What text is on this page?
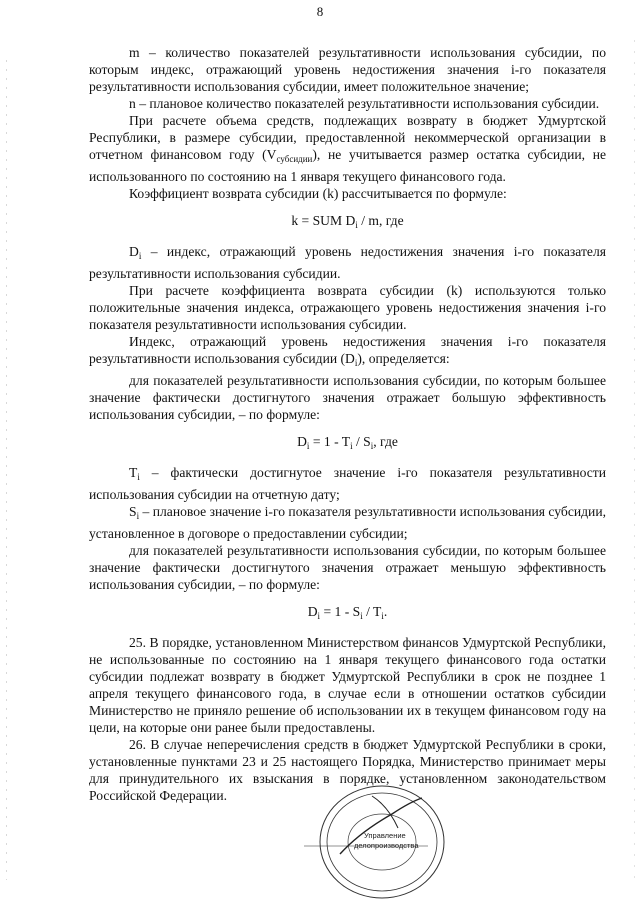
8

m – количество показателей результативности использования субсидии, по которым индекс, отражающий уровень недостижения значения i-го показателя результативности использования субсидии, имеет положительное значение;

n – плановое количество показателей результативности использования субсидии.

При расчете объема средств, подлежащих возврату в бюджет Удмуртской Республики, в размере субсидии, предоставленной некоммерческой организации в отчетном финансовом году $(V_{субсидии})$, не учитывается размер остатка субсидии, не использованного по состоянию на 1 января текущего финансового года.

Коэффициент возврата субсидии (k) рассчитывается по формуле:

k = SUM $D_i$ / m, где

$D_i$ – индекс, отражающий уровень недостижения значения i-го показателя результативности использования субсидии.

При расчете коэффициента возврата субсидии (k) используются только положительные значения индекса, отражающего уровень недостижения значения i-го показателя результативности использования субсидии.

Индекс, отражающий уровень недостижения значения i-го показателя результативности использования субсидии $(D_i)$, определяется:

для показателей результативности использования субсидии, по которым большее значение фактически достигнутого значения отражает большую эффективность использования субсидии, – по формуле:

$D_i = 1 - T_i / S_i$, где

$T_i$ – фактически достигнутое значение i-го показателя результативности использования субсидии на отчетную дату;

$S_i$ – плановое значение i-го показателя результативности использования субсидии, установленное в договоре о предоставлении субсидии;

для показателей результативности использования субсидии, по которым большее значение фактически достигнутого значения отражает меньшую эффективность использования субсидии, – по формуле:

$D_i = 1 - S_i / T_i$.

25. В порядке, установленном Министерством финансов Удмуртской Республики, не использованные по состоянию на 1 января текущего финансового года остатки субсидии подлежат возврату в бюджет Удмуртской Республики в срок не позднее 1 апреля текущего финансового года, в случае если в отношении остатков субсидии Министерство не приняло решение об использовании их в текущем финансовом году на цели, на которые они ранее были предоставлены.

26. В случае неперечисления средств в бюджет Удмуртской Республики в сроки, установленные пунктами 23 и 25 настоящего Порядка, Министерство принимает меры для принудительного их взыскания в порядке, установленном законодательством Российской Федерации.

Управление
делопроизводства
